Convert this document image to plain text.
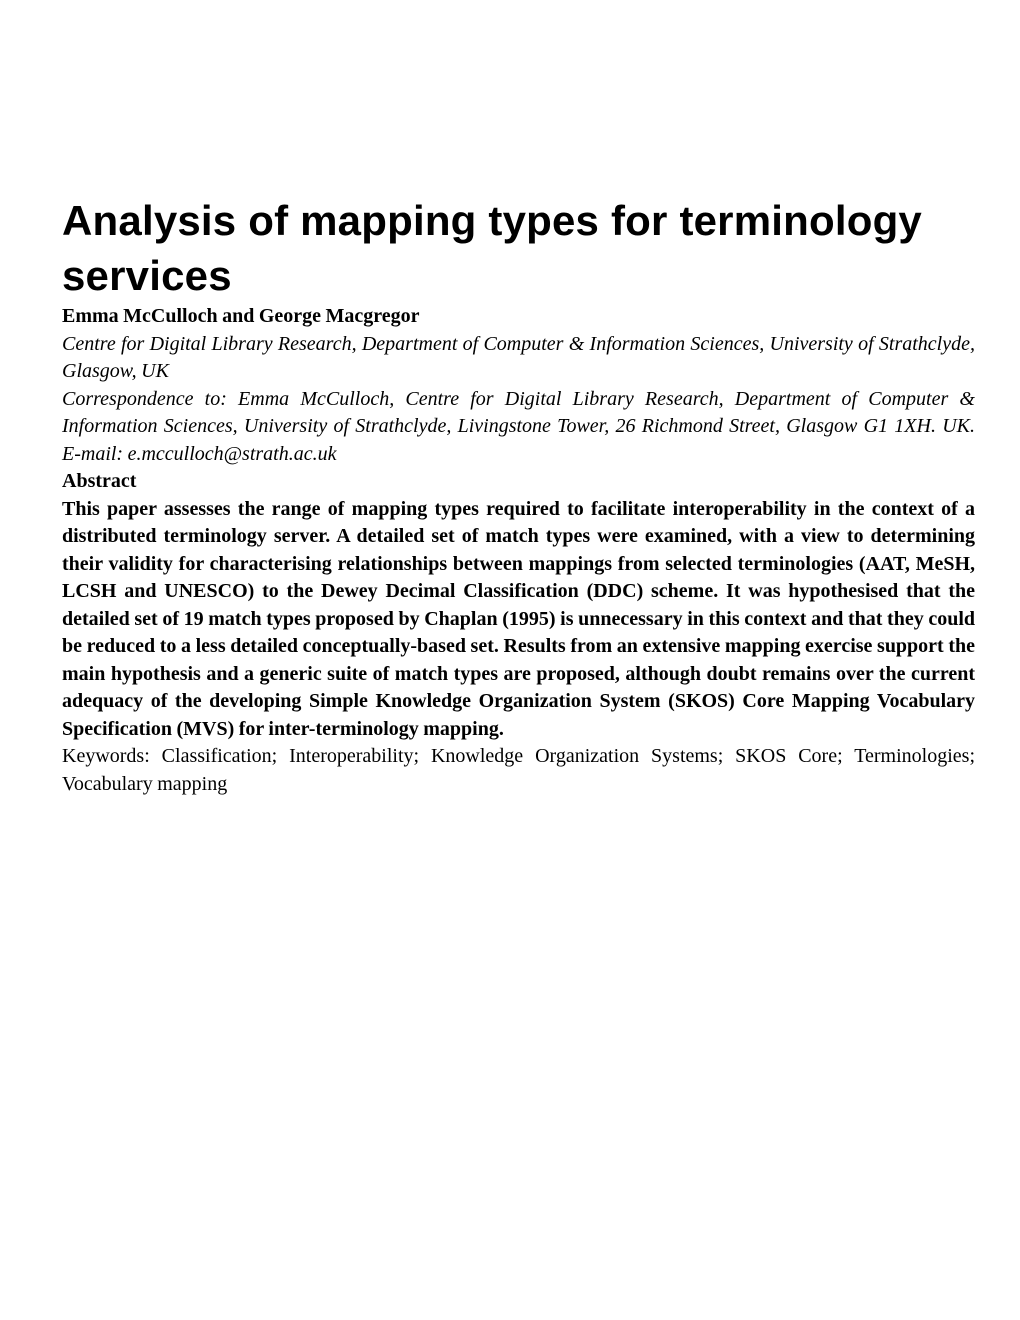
Analysis of mapping types for terminology services

Emma McCulloch and George Macgregor

Centre for Digital Library Research, Department of Computer & Information Sciences, University of Strathclyde, Glasgow, UK

Correspondence to: Emma McCulloch, Centre for Digital Library Research, Department of Computer & Information Sciences, University of Strathclyde, Livingstone Tower, 26 Richmond Street, Glasgow G1 1XH. UK. E-mail: e.mcculloch@strath.ac.uk

Abstract

This paper assesses the range of mapping types required to facilitate interoperability in the context of a distributed terminology server. A detailed set of match types were examined, with a view to determining their validity for characterising relationships between mappings from selected terminologies (AAT, MeSH, LCSH and UNESCO) to the Dewey Decimal Classification (DDC) scheme. It was hypothesised that the detailed set of 19 match types proposed by Chaplan (1995) is unnecessary in this context and that they could be reduced to a less detailed conceptually-based set. Results from an extensive mapping exercise support the main hypothesis and a generic suite of match types are proposed, although doubt remains over the current adequacy of the developing Simple Knowledge Organization System (SKOS) Core Mapping Vocabulary Specification (MVS) for inter-terminology mapping.

Keywords: Classification; Interoperability; Knowledge Organization Systems; SKOS Core; Terminologies; Vocabulary mapping
